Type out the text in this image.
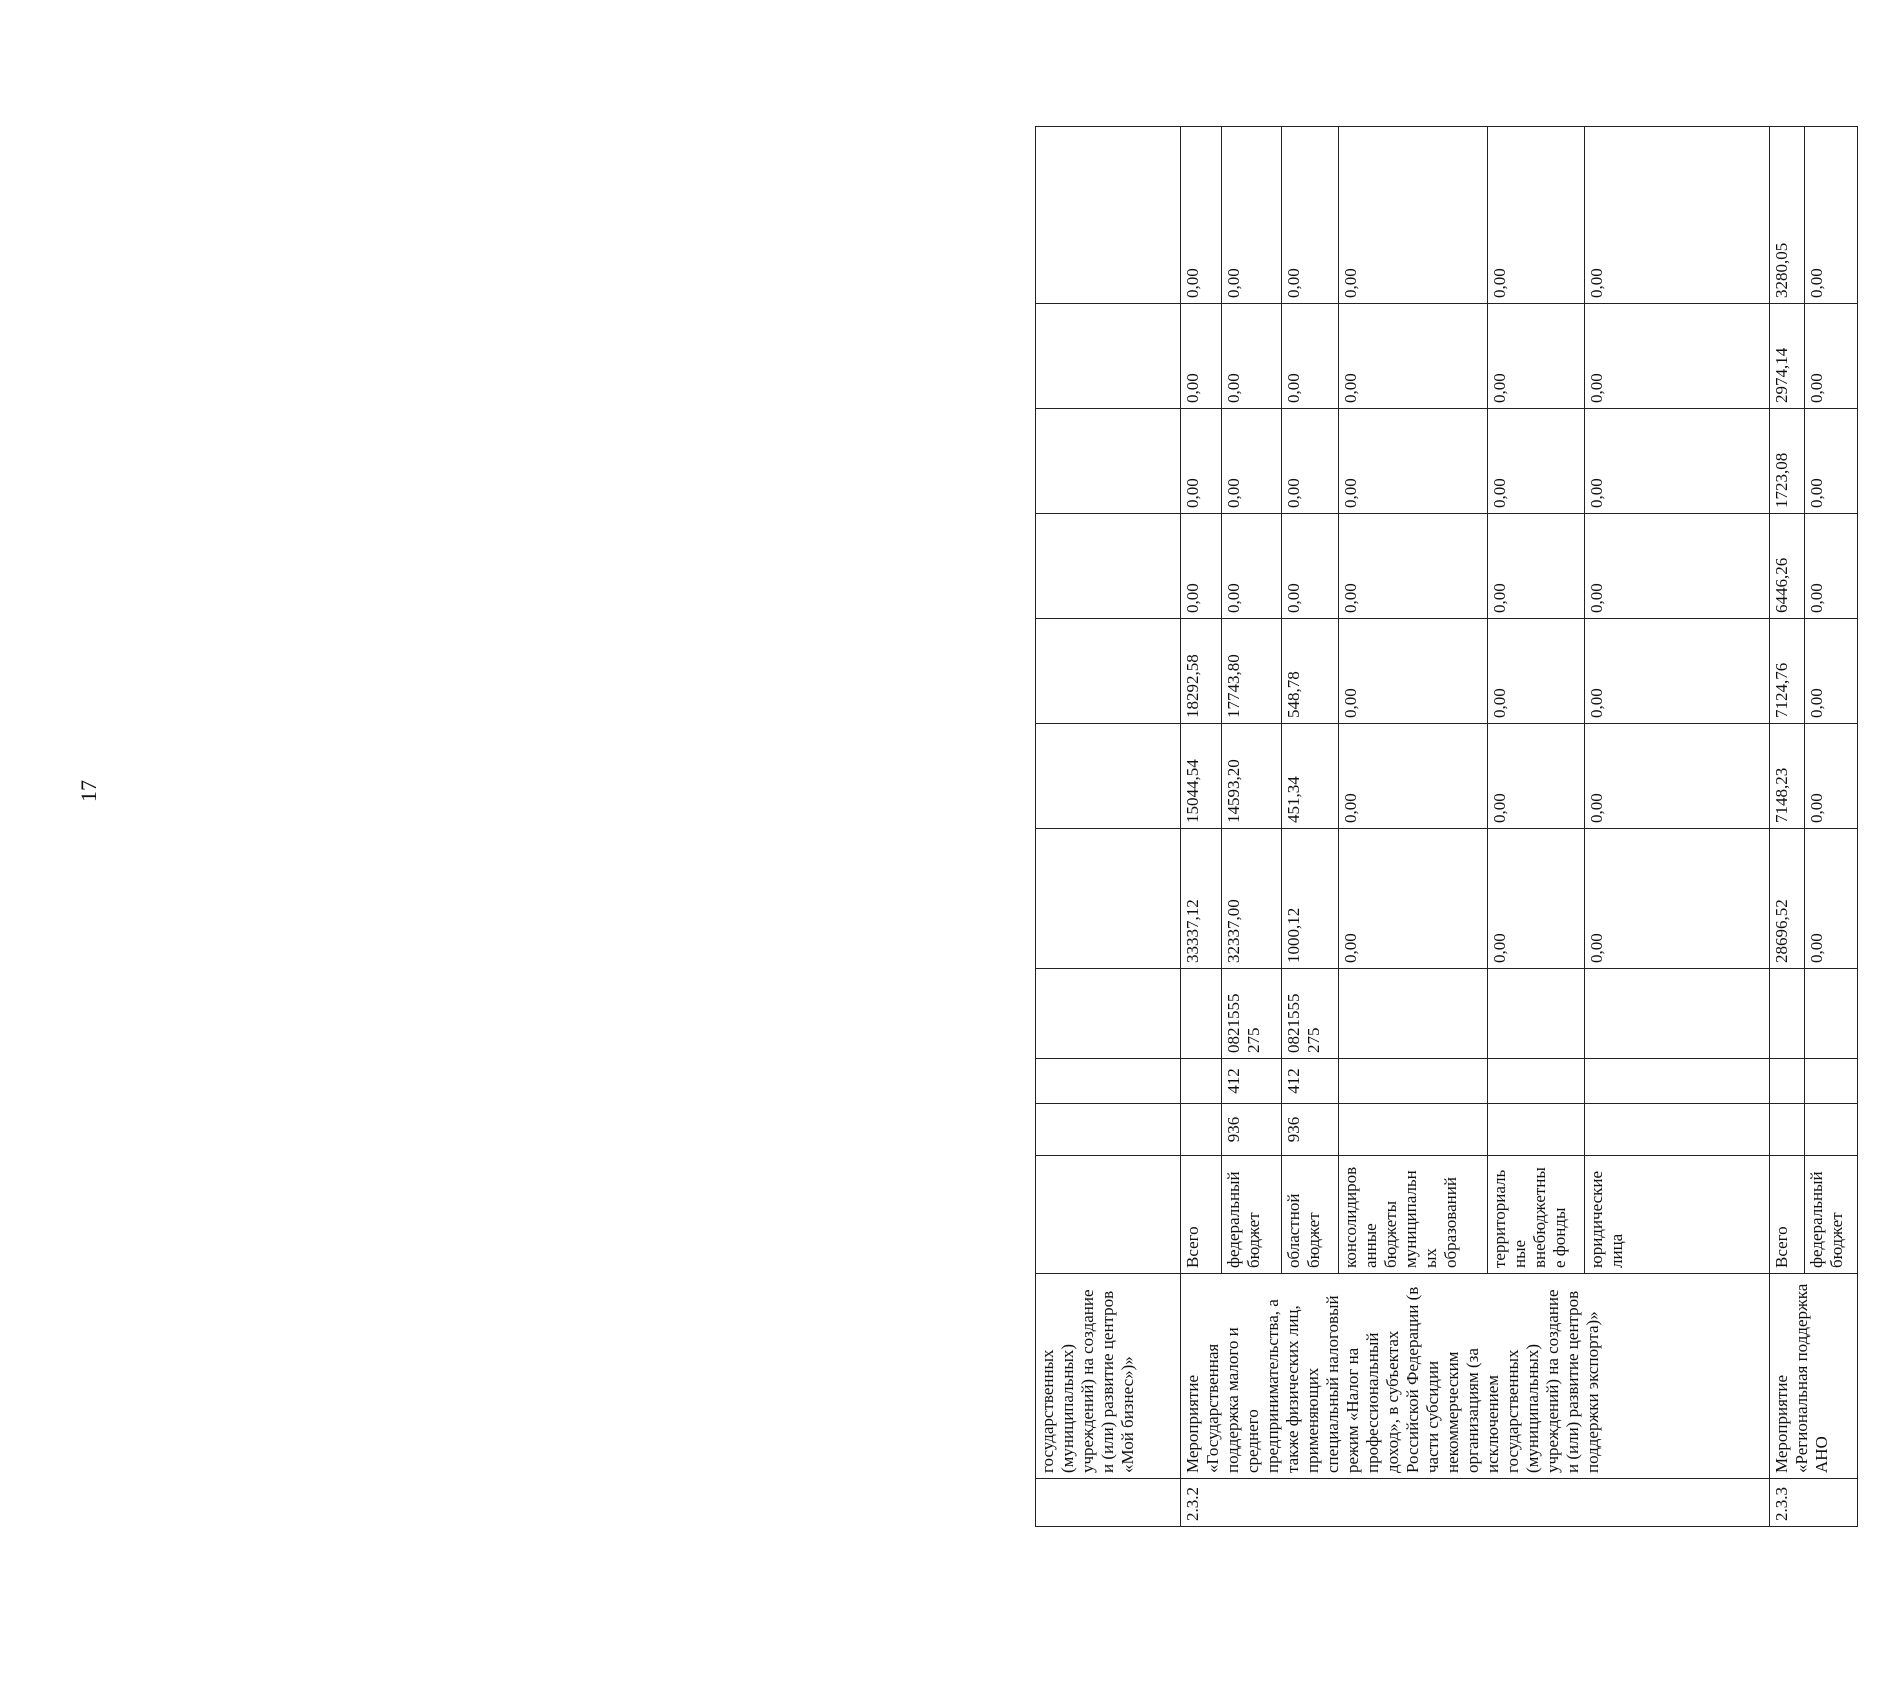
17
	государственных (муниципальных) учреждений) на создание и (или) развитие центров «Мой бизнес»)»											
2.3.2	Мероприятие «Государственная поддержка малого и среднего предпринимательства, а также физических лиц, применяющих специальный налоговый режим «Налог на профессиональный доход», в субъектах Российской Федерации (в части субсидии некоммерческим организациям (за исключением государственных (муниципальных) учреждений) на создание и (или) развитие центров поддержки экспорта)»	Всего				33337,12	15044,54	18292,58	0,00	0,00	0,00	0,00
		федеральный бюджет	936	412	0821555 275	32337,00	14593,20	17743,80	0,00	0,00	0,00	0,00
		областной бюджет	936	412	0821555 275	1000,12	451,34	548,78	0,00	0,00	0,00	0,00
		консолидированные бюджеты муниципальных образований				0,00	0,00	0,00	0,00	0,00	0,00	0,00
		территориальные внебюджетные фонды				0,00	0,00	0,00	0,00	0,00	0,00	0,00
		юридические лица				0,00	0,00	0,00	0,00	0,00	0,00	0,00
2.3.3	Мероприятие «Региональная поддержка АНО	Всего				28696,52	7148,23	7124,76	6446,26	1723,08	2974,14	3280,05
		федеральный бюджет				0,00	0,00	0,00	0,00	0,00	0,00	0,00
